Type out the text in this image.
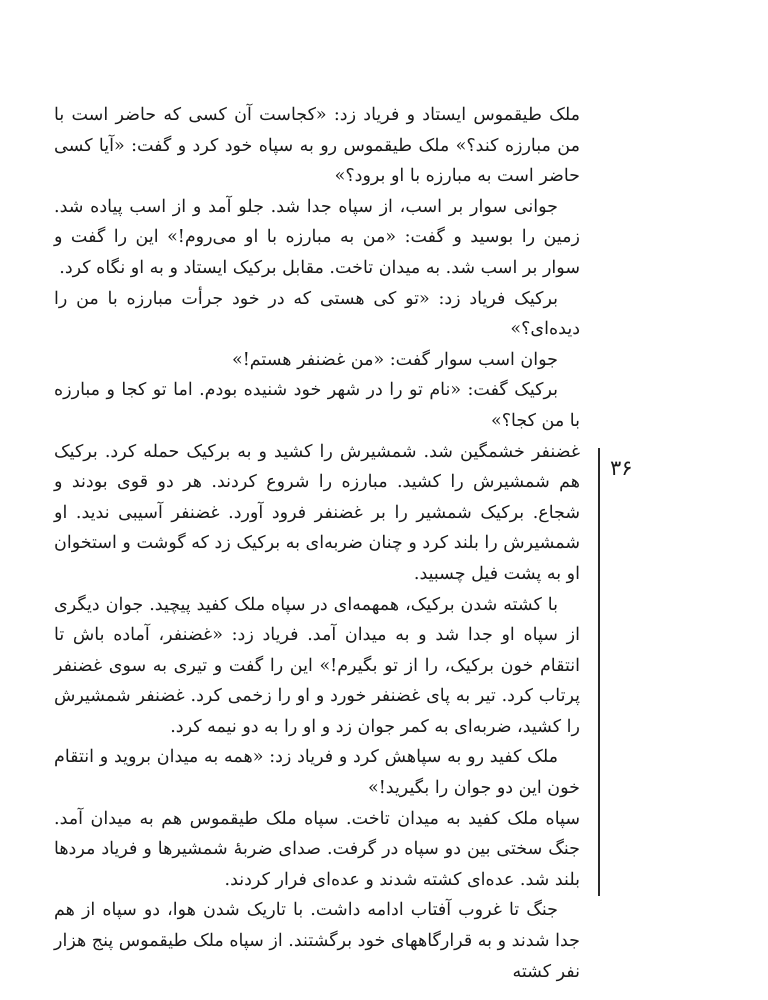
ملک طیقموس ایستاد و فریاد زد: «کجاست آن کسی که حاضر است با من مبارزه کند؟» ملک طیقموس رو به سپاه خود کرد و گفت: «آیا کسی حاضر است به مبارزه با او برود؟»

جوانی سوار بر اسب، از سپاه جدا شد. جلو آمد و از اسب پیاده شد. زمین را بوسید و گفت: «من به مبارزه با او می‌روم!» این را گفت و سوار بر اسب شد. به میدان تاخت. مقابل برکیک ایستاد و به او نگاه کرد.

برکیک فریاد زد: «تو کی هستی که در خود جرأت مبارزه با من را دیده‌ای؟»

جوان اسب سوار گفت: «من غضنفر هستم!»

برکیک گفت: «نام تو را در شهر خود شنیده بودم. اما تو کجا و مبارزه با من کجا؟»

غضنفر خشمگین شد. شمشیرش را کشید و به برکیک حمله کرد. برکیک هم شمشیرش را کشید. مبارزه را شروع کردند. هر دو قوی بودند و شجاع. برکیک شمشیر را بر غضنفر فرود آورد. غضنفر آسیبی ندید. او شمشیرش را بلند کرد و چنان ضربه‌ای به برکیک زد که گوشت و استخوان او به پشت فیل چسبید.

با کشته شدن برکیک، همهمه‌ای در سپاه ملک کفید پیچید. جوان دیگری از سپاه او جدا شد و به میدان آمد. فریاد زد: «غضنفر، آماده باش تا انتقام خون برکیک، را از تو بگیرم!» این را گفت و تیری به سوی غضنفر پرتاب کرد. تیر به پای غضنفر خورد و او را زخمی کرد. غضنفر شمشیرش را کشید، ضربه‌ای به کمر جوان زد و او را به دو نیمه کرد.

ملک کفید رو به سپاهش کرد و فریاد زد: «همه به میدان بروید و انتقام خون این دو جوان را بگیرید!»

سپاه ملک کفید به میدان تاخت. سپاه ملک طیقموس هم به میدان آمد. جنگ سختی بین دو سپاه در گرفت. صدای ضربهٔ شمشیرها و فریاد مردها بلند شد. عده‌ای کشته شدند و عده‌ای فرار کردند.

جنگ تا غروب آفتاب ادامه داشت. با تاریک شدن هوا، دو سپاه از هم جدا شدند و به قرارگاههای خود برگشتند. از سپاه ملک طیقموس پنج هزار نفر کشته

۳۶
